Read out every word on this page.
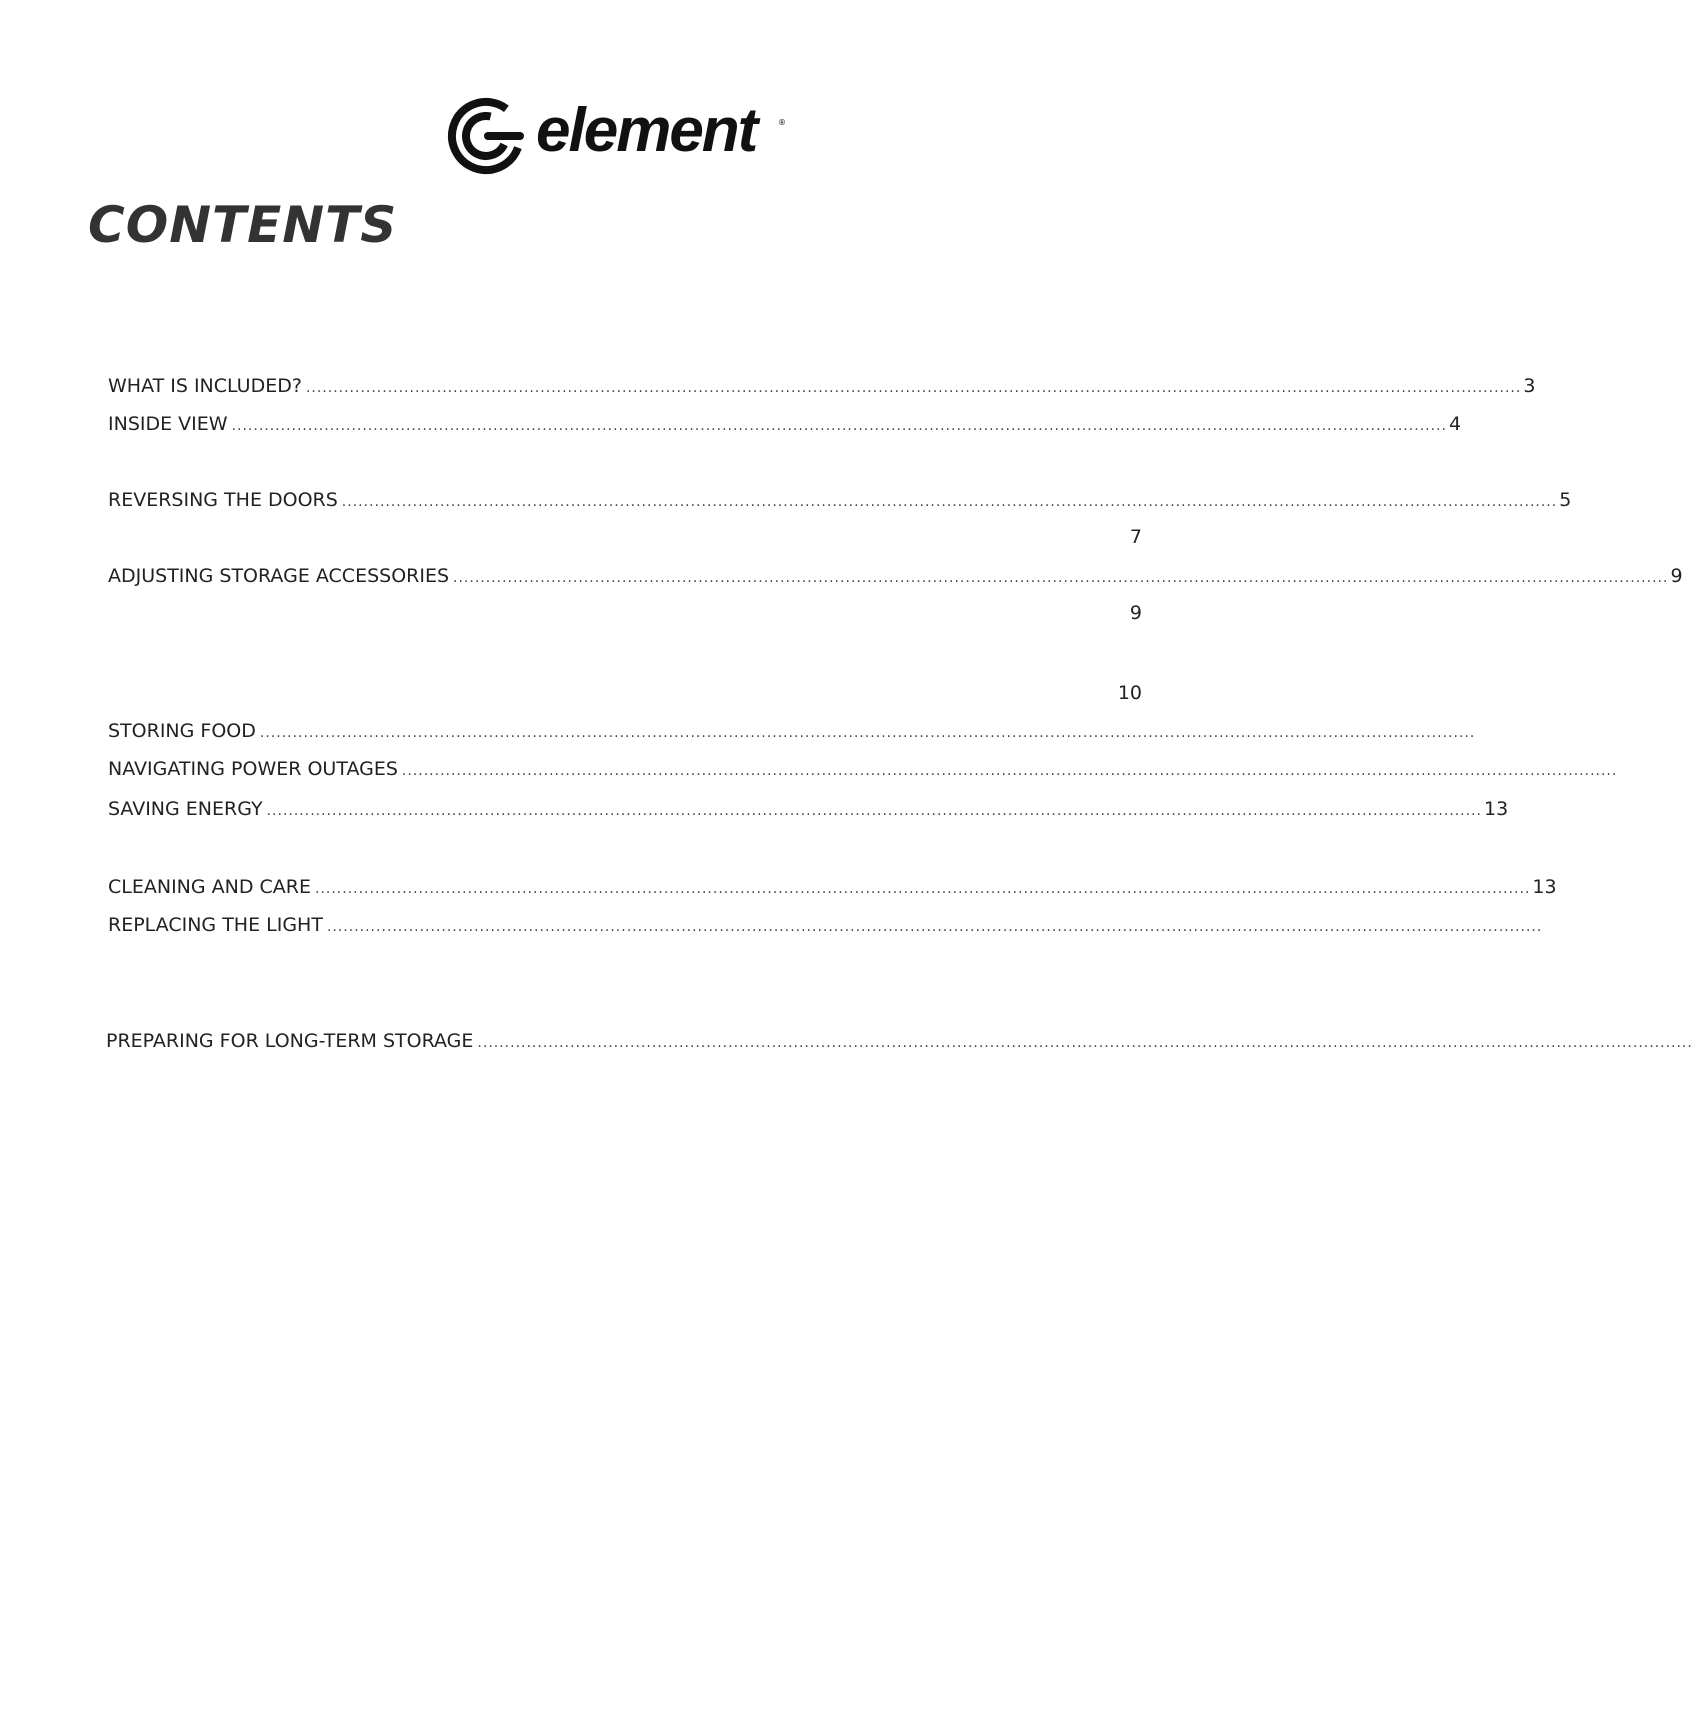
element	®
CONTENTS
WHAT IS INCLUDED? ............................................................................................................................................................................................................................... 3
INSIDE VIEW ............................................................................................................................................................................................................................... 4
REVERSING THE DOORS ............................................................................................................................................................................................................................... 5
7
ADJUSTING STORAGE ACCESSORIES ............................................................................................................................................................................................................................... 9
9
10
STORING FOOD ...............................................................................................................................................................................................................................
NAVIGATING POWER OUTAGES ...............................................................................................................................................................................................................................
SAVING ENERGY ............................................................................................................................................................................................................................... 13
CLEANING AND CARE ............................................................................................................................................................................................................................... 13
REPLACING THE LIGHT ...............................................................................................................................................................................................................................
PREPARING FOR LONG-TERM STORAGE ...............................................................................................................................................................................................................................
